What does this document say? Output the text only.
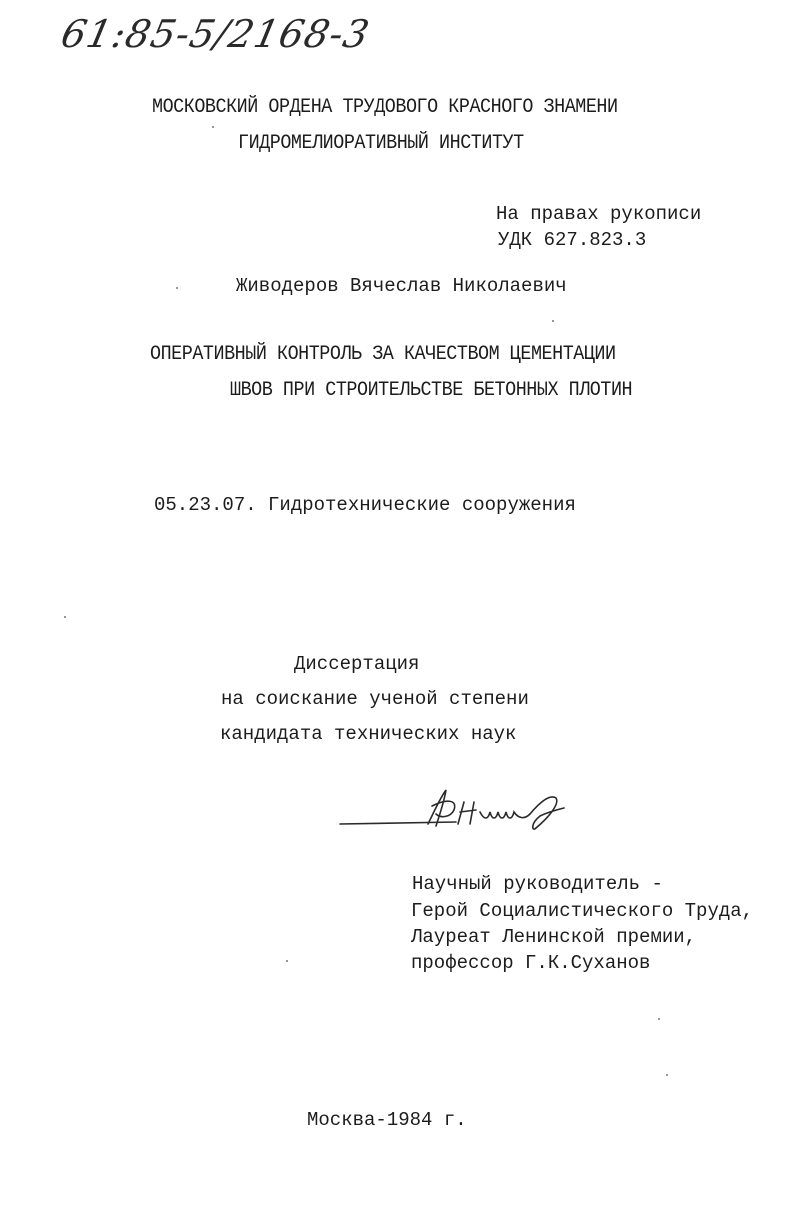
61:85-5/2168-3

МОСКОВСКИЙ ОРДЕНА ТРУДОВОГО КРАСНОГО ЗНАМЕНИ

ГИДРОМЕЛИОРАТИВНЫЙ ИНСТИТУТ

На правах рукописи

УДК 627.823.3

Живодеров Вячеслав Николаевич

ОПЕРАТИВНЫЙ КОНТРОЛЬ ЗА КАЧЕСТВОМ ЦЕМЕНТАЦИИ

ШВОВ ПРИ СТРОИТЕЛЬСТВЕ БЕТОННЫХ ПЛОТИН

05.23.07. Гидротехнические сооружения

Диссертация

на соискание ученой степени

кандидата технических наук

Научный руководитель -

Герой Социалистического Труда,

Лауреат Ленинской премии,

профессор Г.К.Суханов

Москва-1984 г.
